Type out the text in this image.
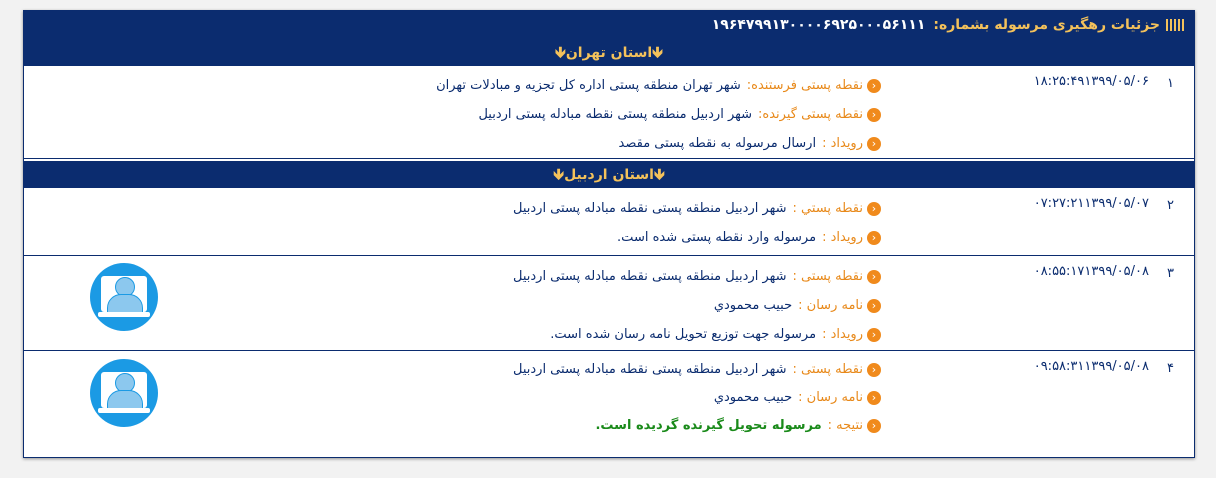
جزئیات رهگیری مرسوله بشماره:
۱۹۶۴۷۹۹۱۳۰۰۰۰۶۹۲۵۰۰۰۵۶۱۱۱
🡻استان تهران🡻
۱
۱۸:۲۵:۴۹۱۳۹۹/۰۵/۰۶
‹نقطه پستی فرستنده:شهر تهران منطقه پستی اداره کل تجزیه و مبادلات تهران
‹نقطه پستی گیرنده:شهر اردبیل منطقه پستی نقطه مبادله پستی اردبیل
‹رویداد :ارسال مرسوله به نقطه پستی مقصد
🡻استان اردبیل🡻
۲
۰۷:۲۷:۲۱۱۳۹۹/۰۵/۰۷
‹نقطه پستي :شهر اردبیل منطقه پستی نقطه مبادله پستی اردبیل
‹رویداد :مرسوله وارد نقطه پستی شده است.
۳
۰۸:۵۵:۱۷۱۳۹۹/۰۵/۰۸
‹نقطه پستی :شهر اردبیل منطقه پستی نقطه مبادله پستی اردبیل
‹نامه رسان :حبیب محمودي
‹رویداد :مرسوله جهت توزیع تحویل نامه رسان شده است.
۴
۰۹:۵۸:۳۱۱۳۹۹/۰۵/۰۸
‹نقطه پستی :شهر اردبیل منطقه پستی نقطه مبادله پستی اردبیل
‹نامه رسان :حبیب محمودي
‹نتیجه :مرسوله تحویل گیرنده گردیده است.
